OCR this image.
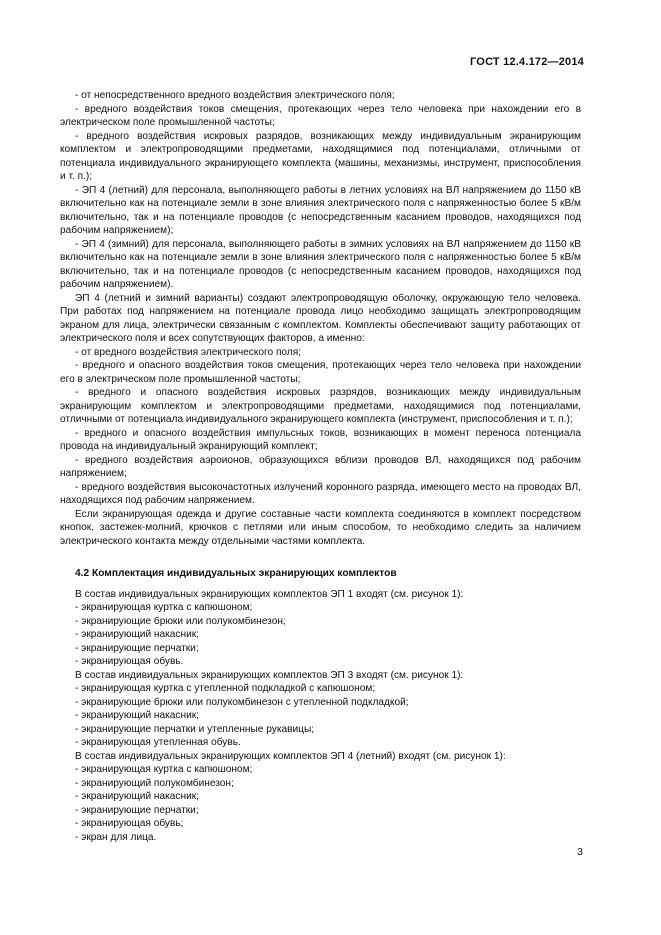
ГОСТ 12.4.172—2014

- от непосредственного вредного воздействия электрического поля;

- вредного воздействия токов смещения, протекающих через тело человека при нахождении его в электрическом поле промышленной частоты;

- вредного воздействия искровых разрядов, возникающих между индивидуальным экранирующим комплектом и электропроводящими предметами, находящимися под потенциалами, отличными от потенциала индивидуального экранирующего комплекта (машины, механизмы, инструмент, приспособления и т. п.);

- ЭП 4 (летний) для персонала, выполняющего работы в летних условиях на ВЛ напряжением до 1150 кВ включительно как на потенциале земли в зоне влияния электрического поля с напряженностью более 5 кВ/м включительно, так и на потенциале проводов (с непосредственным касанием проводов, находящихся под рабочим напряжением);

- ЭП 4 (зимний) для персонала, выполняющего работы в зимних условиях на ВЛ напряжением до 1150 кВ включительно как на потенциале земли в зоне влияния электрического поля с напряженностью более 5 кВ/м включительно, так и на потенциале проводов (с непосредственным касанием проводов, находящихся под рабочим напряжением).

ЭП 4 (летний и зимний варианты) создают электропроводящую оболочку, окружающую тело человека. При работах под напряжением на потенциале провода лицо необходимо защищать электропроводящим экраном для лица, электрически связанным с комплектом. Комплекты обеспечивают защиту работающих от электрического поля и всех сопутствующих факторов, а именно:

- от вредного воздействия электрического поля;

- вредного и опасного воздействия токов смещения, протекающих через тело человека при нахождении его в электрическом поле промышленной частоты;

- вредного и опасного воздействия искровых разрядов, возникающих между индивидуальным экранирующим комплектом и электропроводящими предметами, находящимися под потенциалами, отличными от потенциала индивидуального экранирующего комплекта (инструмент, приспособления и т. п.);

- вредного и опасного воздействия импульсных токов, возникающих в момент переноса потенциала провода на индивидуальный экранирующий комплект;

- вредного воздействия аэроионов, образующихся вблизи проводов ВЛ, находящихся под рабочим напряжением;

- вредного воздействия высокочастотных излучений коронного разряда, имеющего место на проводах ВЛ, находящихся под рабочим напряжением.

Если экранирующая одежда и другие составные части комплекта соединяются в комплект посредством кнопок, застежек-молний, крючков с петлями или иным способом, то необходимо следить за наличием электрического контакта между отдельными частями комплекта.

4.2 Комплектация индивидуальных экранирующих комплектов

В состав индивидуальных экранирующих комплектов ЭП 1 входят (см. рисунок 1):

- экранирующая куртка с капюшоном;

- экранирующие брюки или полукомбинезон;

- экранирующий накасник;

- экранирующие перчатки;

- экранирующая обувь.

В состав индивидуальных экранирующих комплектов ЭП 3 входят (см. рисунок 1):

- экранирующая куртка с утепленной подкладкой с капюшоном;

- экранирующие брюки или полукомбинезон с утепленной подкладкой;

- экранирующий накасник;

- экранирующие перчатки и утепленные рукавицы;

- экранирующая утепленная обувь.

В состав индивидуальных экранирующих комплектов ЭП 4 (летний) входят (см. рисунок 1):

- экранирующая куртка с капюшоном;

- экранирующий полукомбинезон;

- экранирующий накасник;

- экранирующие перчатки;

- экранирующая обувь;

- экран для лица.

3
